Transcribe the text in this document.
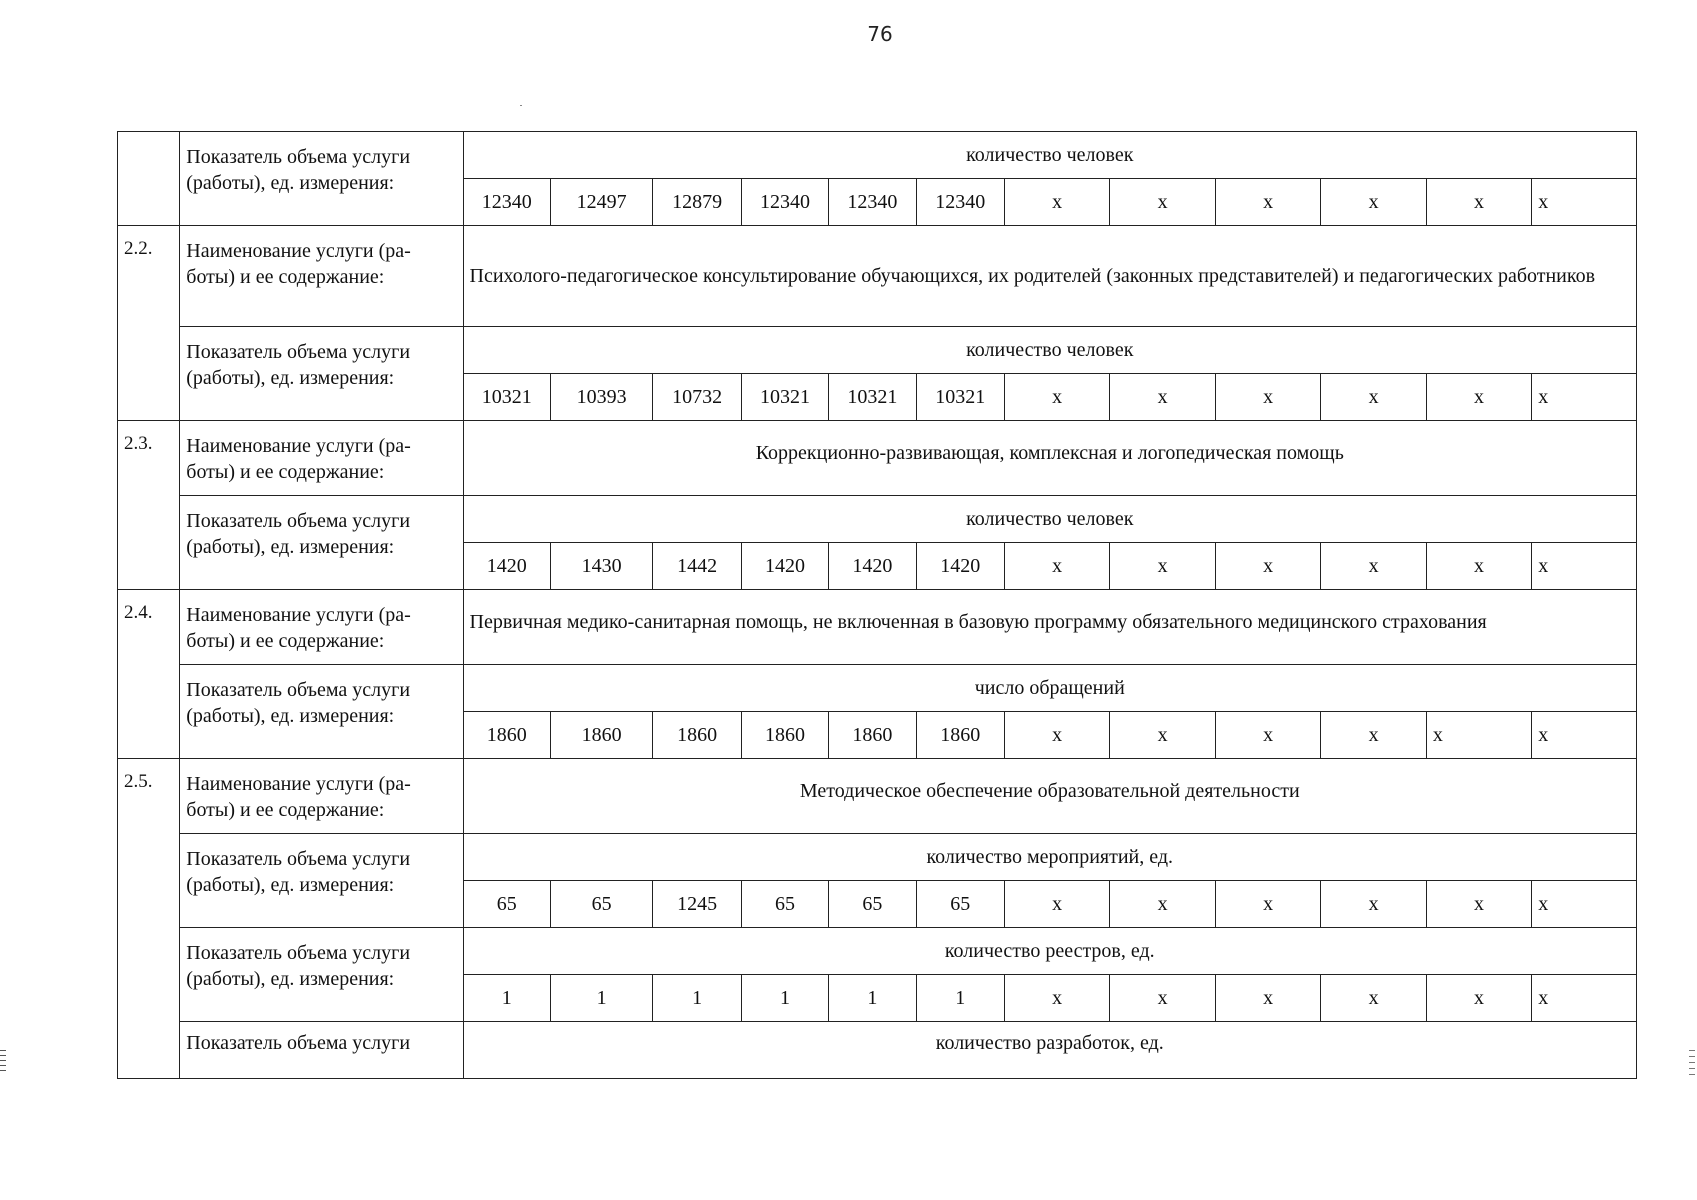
76
	Показатель объема услуги (работы), ед. измерения:	количество человек											
		12340	12497	12879	12340	12340	12340	x	x	x	x	x	x
2.2.	Наименование услуги (ра-боты) и ее содержание:	Психолого-педагогическое консультирование обучающихся, их родителей (законных представителей) и педагогических работников											
	Показатель объема услуги (работы), ед. измерения:	количество человек											
		10321	10393	10732	10321	10321	10321	x	x	x	x	x	x
2.3.	Наименование услуги (ра-боты) и ее содержание:	Коррекционно-развивающая, комплексная и логопедическая помощь											
	Показатель объема услуги (работы), ед. измерения:	количество человек											
		1420	1430	1442	1420	1420	1420	x	x	x	x	x	x
2.4.	Наименование услуги (ра-боты) и ее содержание:	Первичная медико-санитарная помощь, не включенная в базовую программу обязательного медицинского страхования											
	Показатель объема услуги (работы), ед. измерения:	число обращений											
		1860	1860	1860	1860	1860	1860	x	x	x	x	x	x
2.5.	Наименование услуги (ра-боты) и ее содержание:	Методическое обеспечение образовательной деятельности											
	Показатель объема услуги (работы), ед. измерения:	количество мероприятий, ед.											
		65	65	1245	65	65	65	x	x	x	x	x	x
	Показатель объема услуги (работы), ед. измерения:	количество реестров, ед.											
		1	1	1	1	1	1	x	x	x	x	x	x
	Показатель объема услуги	количество разработок, ед.											
